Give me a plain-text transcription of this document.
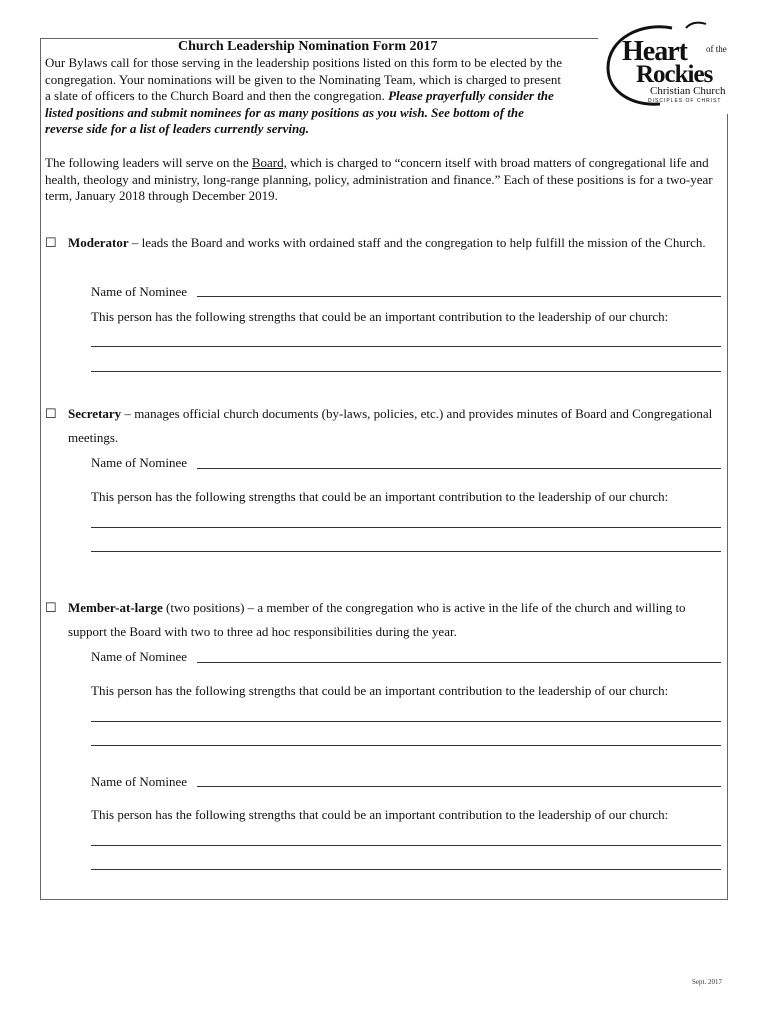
Heart of the
Rockies
Christian Church
DISCIPLES OF CHRIST
Church Leadership Nomination Form 2017

Our Bylaws call for those serving in the leadership positions listed on this form to be elected by the congregation. Your nominations will be given to the Nominating Team, which is charged to present a slate of officers to the Church Board and then the congregation. Please prayerfully consider the listed positions and submit nominees for as many positions as you wish. See bottom of the reverse side for a list of leaders currently serving.

The following leaders will serve on the Board, which is charged to “concern itself with broad matters of congregational life and health, theology and ministry, long-range planning, policy, administration and finance.” Each of these positions is for a two-year term, January 2018 through December 2019.

☐ Moderator – leads the Board and works with ordained staff and the congregation to help fulfill the mission of the Church.
Name of Nominee
This person has the following strengths that could be an important contribution to the leadership of our church:
☐ Secretary – manages official church documents (by-laws, policies, etc.) and provides minutes of Board and Congregational meetings.
Name of Nominee
This person has the following strengths that could be an important contribution to the leadership of our church:
☐ Member-at-large (two positions) – a member of the congregation who is active in the life of the church and willing to support the Board with two to three ad hoc responsibilities during the year.
Name of Nominee
This person has the following strengths that could be an important contribution to the leadership of our church:
Name of Nominee
This person has the following strengths that could be an important contribution to the leadership of our church:
Sept. 2017
